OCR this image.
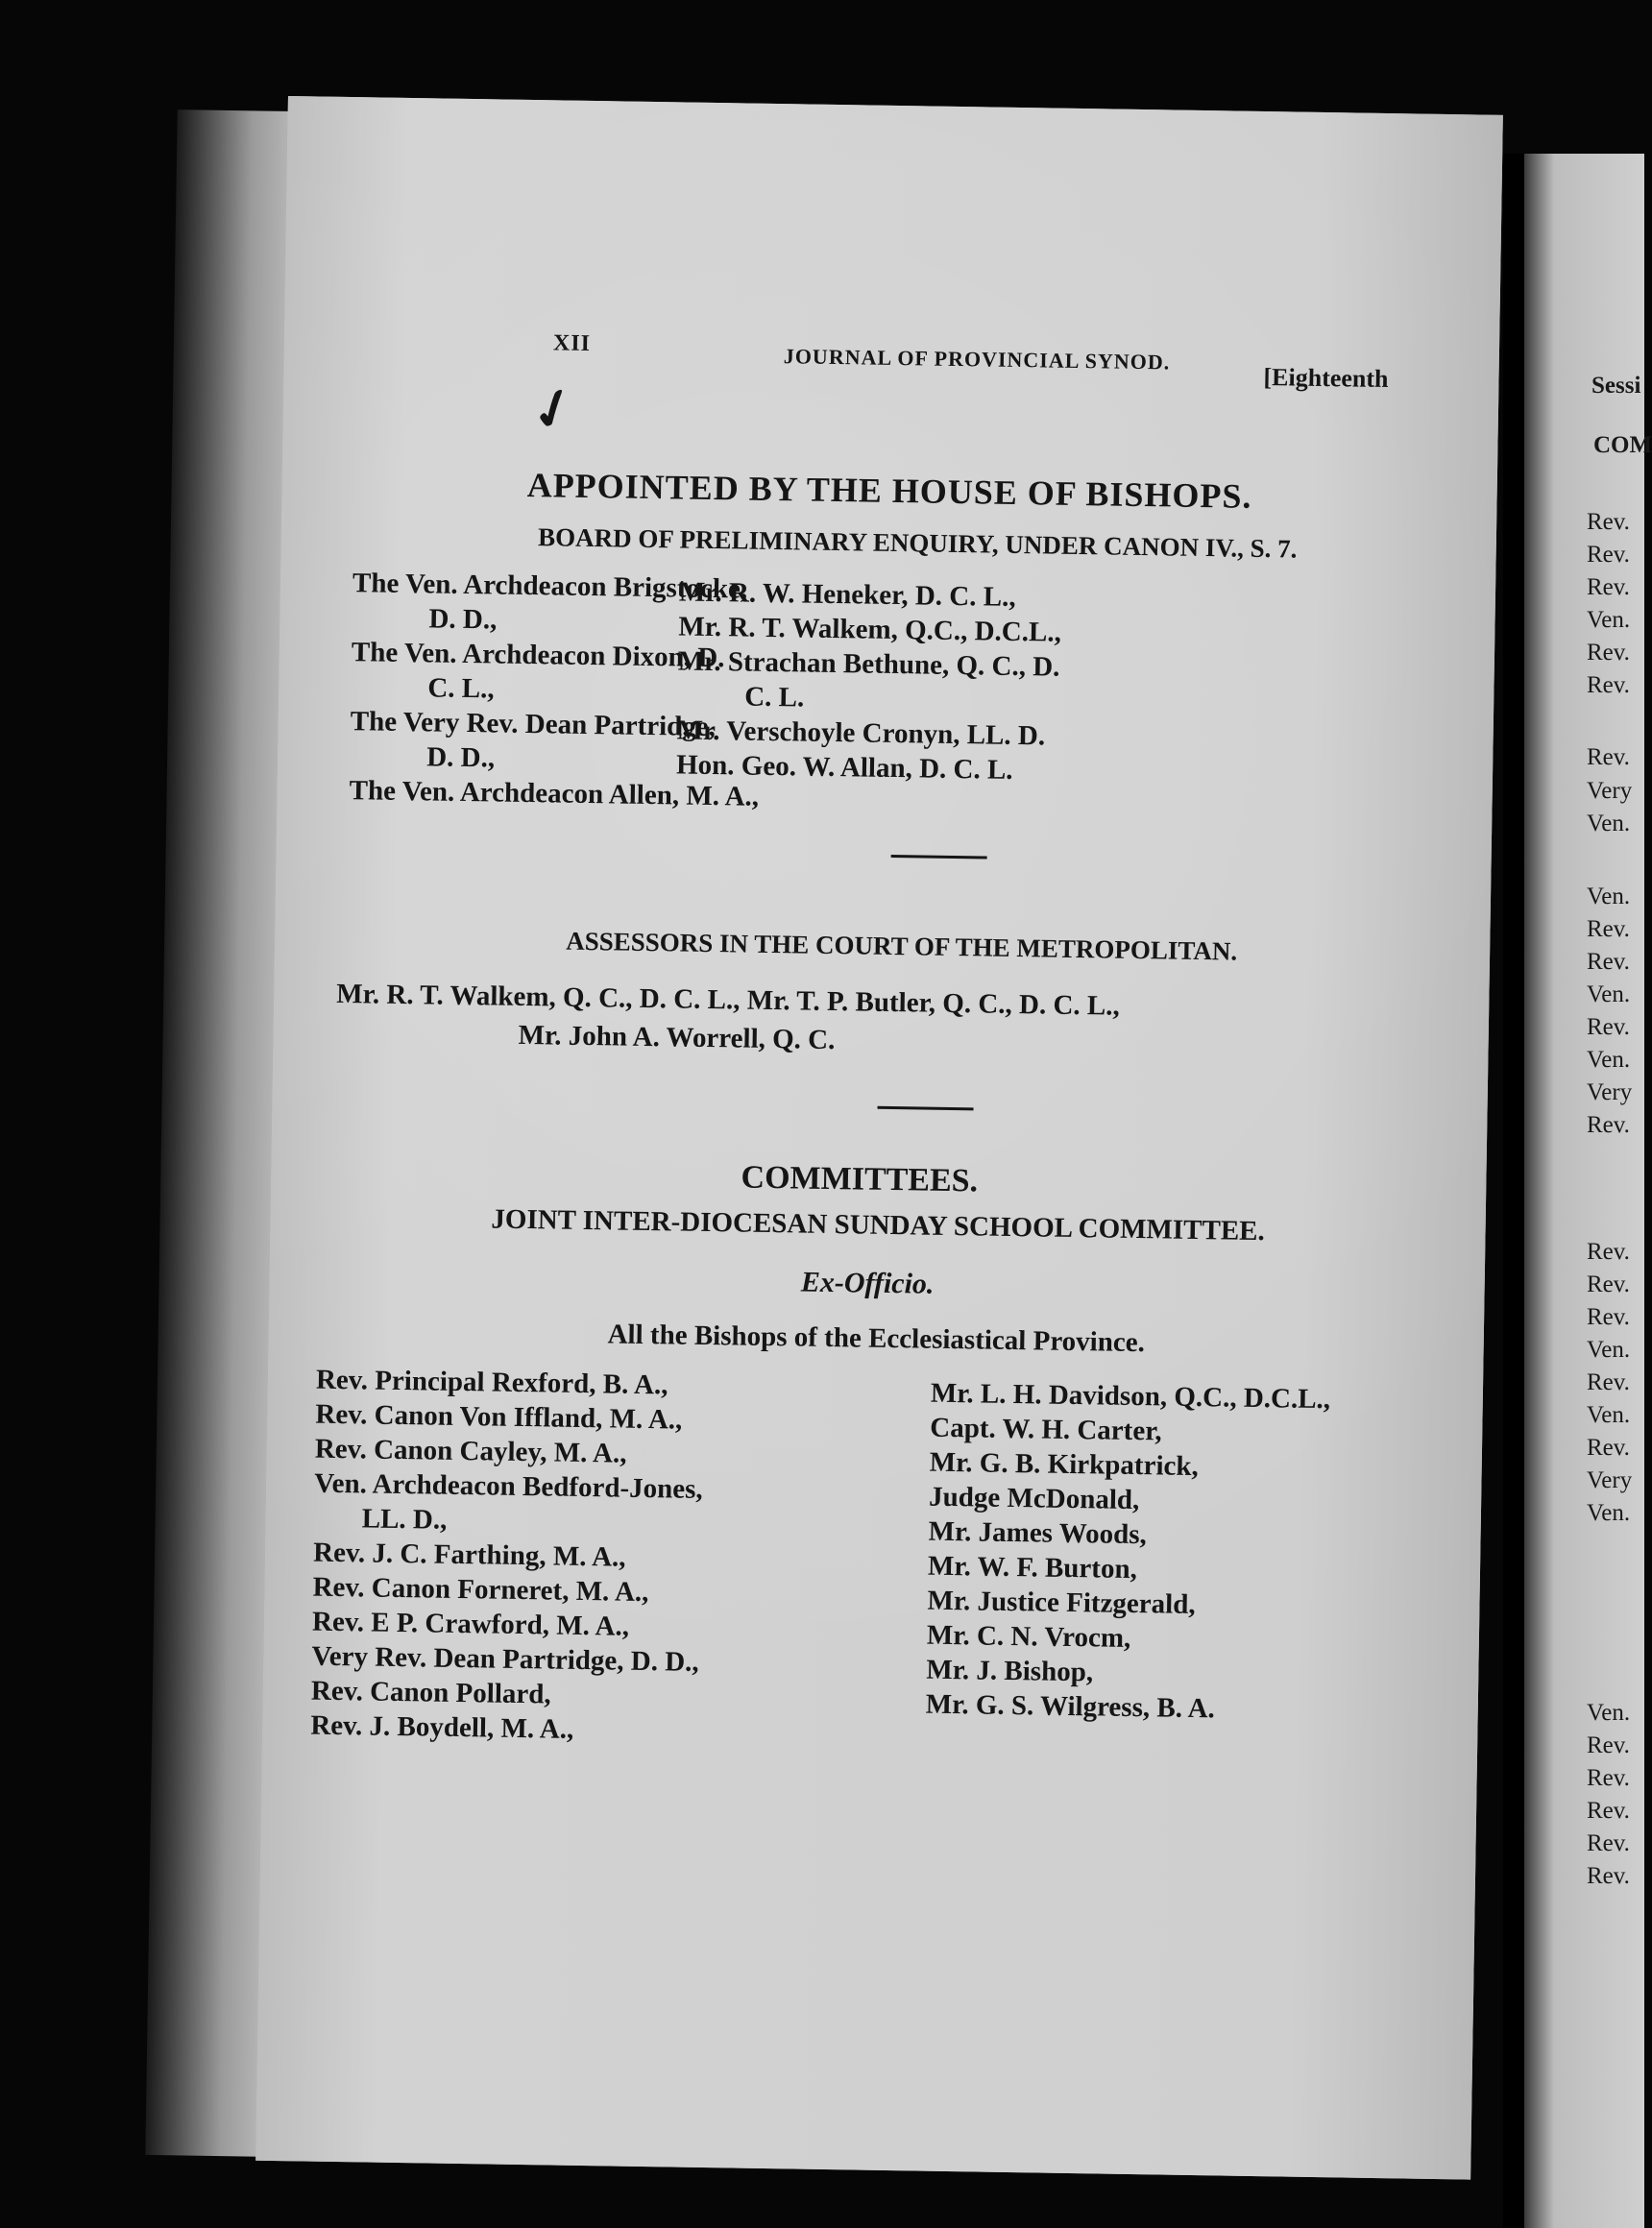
XII
JOURNAL OF PROVINCIAL SYNOD.
[Eighteenth
✓
APPOINTED BY THE HOUSE OF BISHOPS.
BOARD OF PRELIMINARY ENQUIRY, UNDER CANON IV., S. 7.
The Ven. Archdeacon Brigstocke,
D. D.,
The Ven. Archdeacon Dixon, D.
C. L.,
The Very Rev. Dean Partridge,
D. D.,
The Ven. Archdeacon Allen, M. A.,
Mr. R. W. Heneker, D. C. L.,
Mr. R. T. Walkem, Q.C., D.C.L.,
Mr. Strachan Bethune, Q. C., D.
C. L.
Mr. Verschoyle Cronyn, LL. D.
Hon. Geo. W. Allan, D. C. L.
ASSESSORS IN THE COURT OF THE METROPOLITAN.
Mr. R. T. Walkem, Q. C., D. C. L., Mr. T. P. Butler, Q. C., D. C. L.,
Mr. John A. Worrell, Q. C.
COMMITTEES.
JOINT INTER-DIOCESAN SUNDAY SCHOOL COMMITTEE.
Ex-Officio.
All the Bishops of the Ecclesiastical Province.
Rev. Principal Rexford, B. A.,
Rev. Canon Von Iffland, M. A.,
Rev. Canon Cayley, M. A.,
Ven. Archdeacon Bedford-Jones,
LL. D.,
Rev. J. C. Farthing, M. A.,
Rev. Canon Forneret, M. A.,
Rev. E P. Crawford, M. A.,
Very Rev. Dean Partridge, D. D.,
Rev. Canon Pollard,
Rev. J. Boydell, M. A.,
Mr. L. H. Davidson, Q.C., D.C.L.,
Capt. W. H. Carter,
Mr. G. B. Kirkpatrick,
Judge McDonald,
Mr. James Woods,
Mr. W. F. Burton,
Mr. Justice Fitzgerald,
Mr. C. N. Vrocm,
Mr. J. Bishop,
Mr. G. S. Wilgress, B. A.
Sessi
COM
Rev.
Rev.
Rev.
Ven.
Rev.
Rev.
Rev.
Very
Ven.
Ven.
Rev.
Rev.
Ven.
Rev.
Ven.
Very
Rev.
Rev.
Rev.
Rev.
Ven.
Rev.
Ven.
Rev.
Very
Ven.
Ven.
Rev.
Rev.
Rev.
Rev.
Rev.
